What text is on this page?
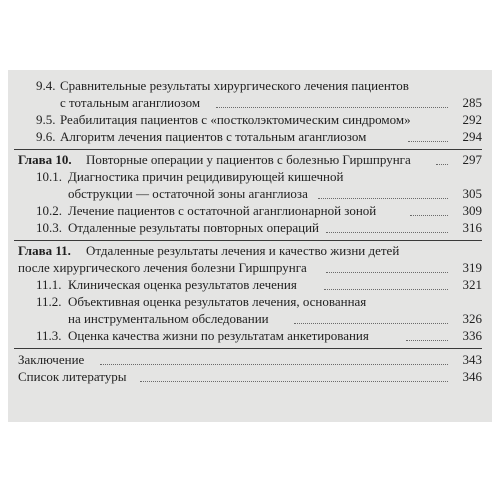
9.4. Сравнительные результаты хирургического лечения пациентов
с тотальным аганглиозом	285
9.5. Реабилитация пациентов с «постколэктомическим синдромом»	292
9.6. Алгоритм лечения пациентов с тотальным аганглиозом	294
Глава 10. Повторные операции у пациентов с болезнью Гиршпрунга	297
10.1. Диагностика причин рецидивирующей кишечной
обструкции — остаточной зоны аганглиоза	305
10.2. Лечение пациентов с остаточной аганглионарной зоной	309
10.3. Отдаленные результаты повторных операций	316
Глава 11. Отдаленные результаты лечения и качество жизни детей
после хирургического лечения болезни Гиршпрунга	319
11.1. Клиническая оценка результатов лечения	321
11.2. Объективная оценка результатов лечения, основанная
на инструментальном обследовании	326
11.3. Оценка качества жизни по результатам анкетирования	336
Заключение	343
Список литературы	346
